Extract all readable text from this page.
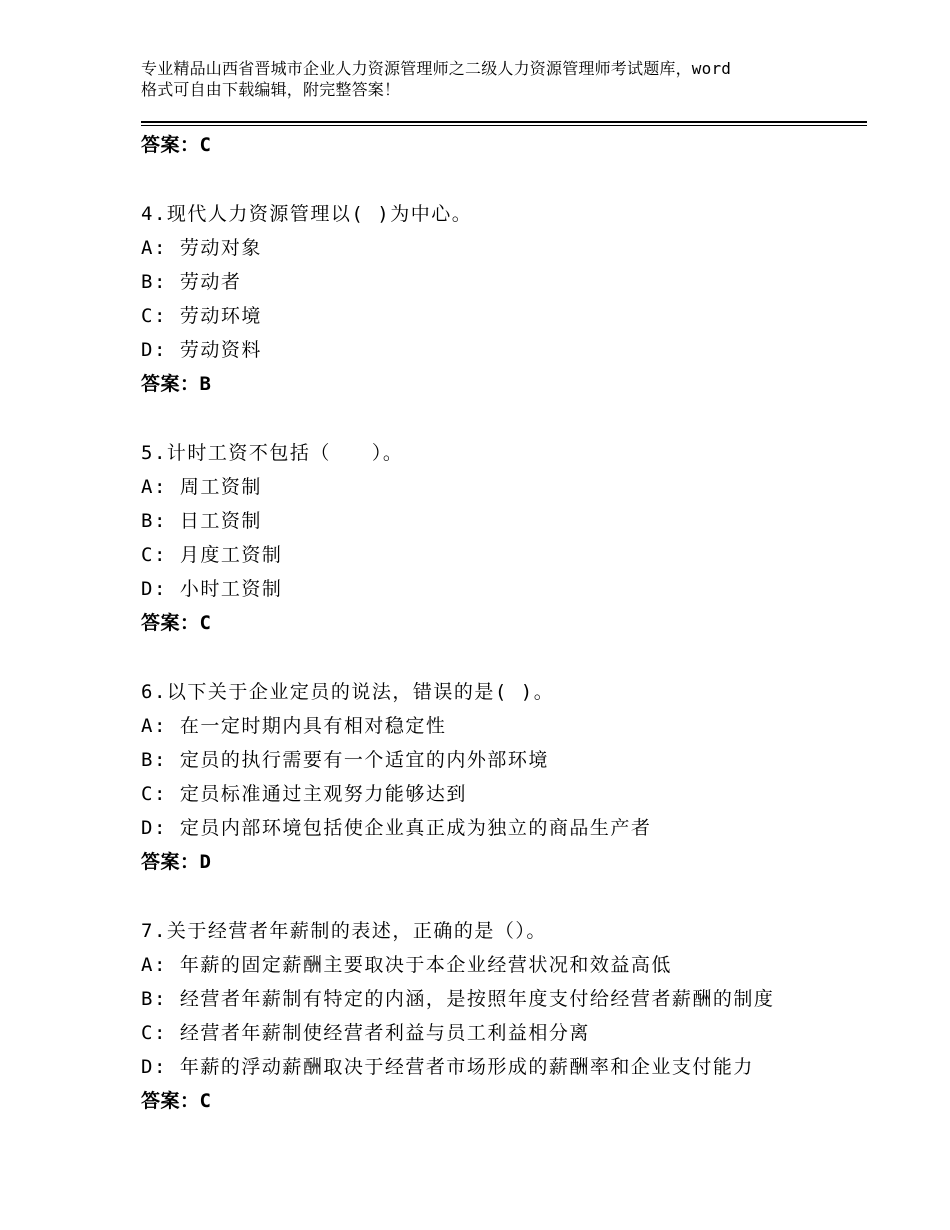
专业精品山西省晋城市企业人力资源管理师之二级人力资源管理师考试题库，word
格式可自由下载编辑，附完整答案！
答案：C
4.现代人力资源管理以( )为中心。
A: 劳动对象
B: 劳动者
C: 劳动环境
D: 劳动资料
答案：B
5.计时工资不包括（　　）。
A: 周工资制
B: 日工资制
C: 月度工资制
D: 小时工资制
答案：C
6.以下关于企业定员的说法，错误的是( )。
A: 在一定时期内具有相对稳定性
B: 定员的执行需要有一个适宜的内外部环境
C: 定员标准通过主观努力能够达到
D: 定员内部环境包括使企业真正成为独立的商品生产者
答案：D
7.关于经营者年薪制的表述，正确的是（）。
A: 年薪的固定薪酬主要取决于本企业经营状况和效益高低
B: 经营者年薪制有特定的内涵，是按照年度支付给经营者薪酬的制度
C: 经营者年薪制使经营者利益与员工利益相分离
D: 年薪的浮动薪酬取决于经营者市场形成的薪酬率和企业支付能力
答案：C
